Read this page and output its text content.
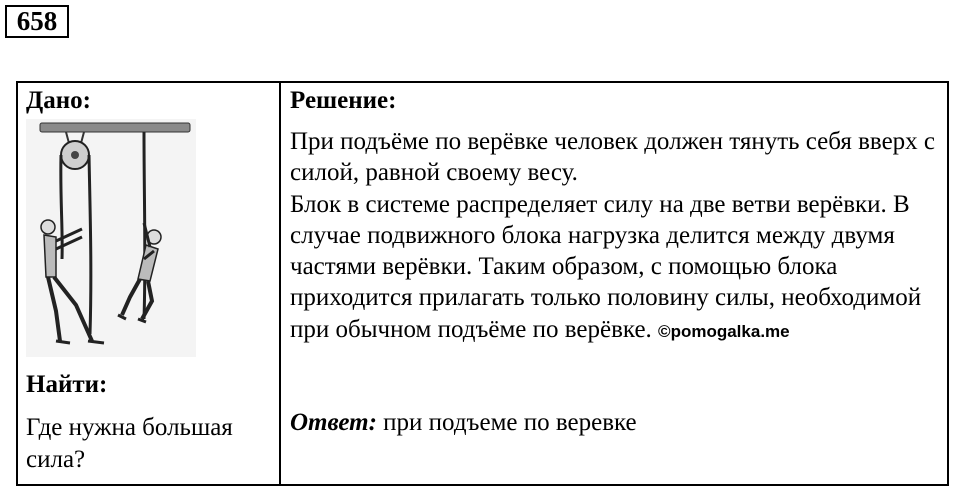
658
Дано:
Найти:
Где нужна большая сила?
Решение:

При подъёме по верёвке человек должен тянуть себя вверх с силой, равной своему весу.

Блок в системе распределяет силу на две ветви верёвки. В случае подвижного блока нагрузка делится между двумя частями верёвки. Таким образом, с помощью блока приходится прилагать только половину силы, необходимой при обычном подъёме по верёвке. ©pomogalka.me

Ответ: при подъеме по веревке
